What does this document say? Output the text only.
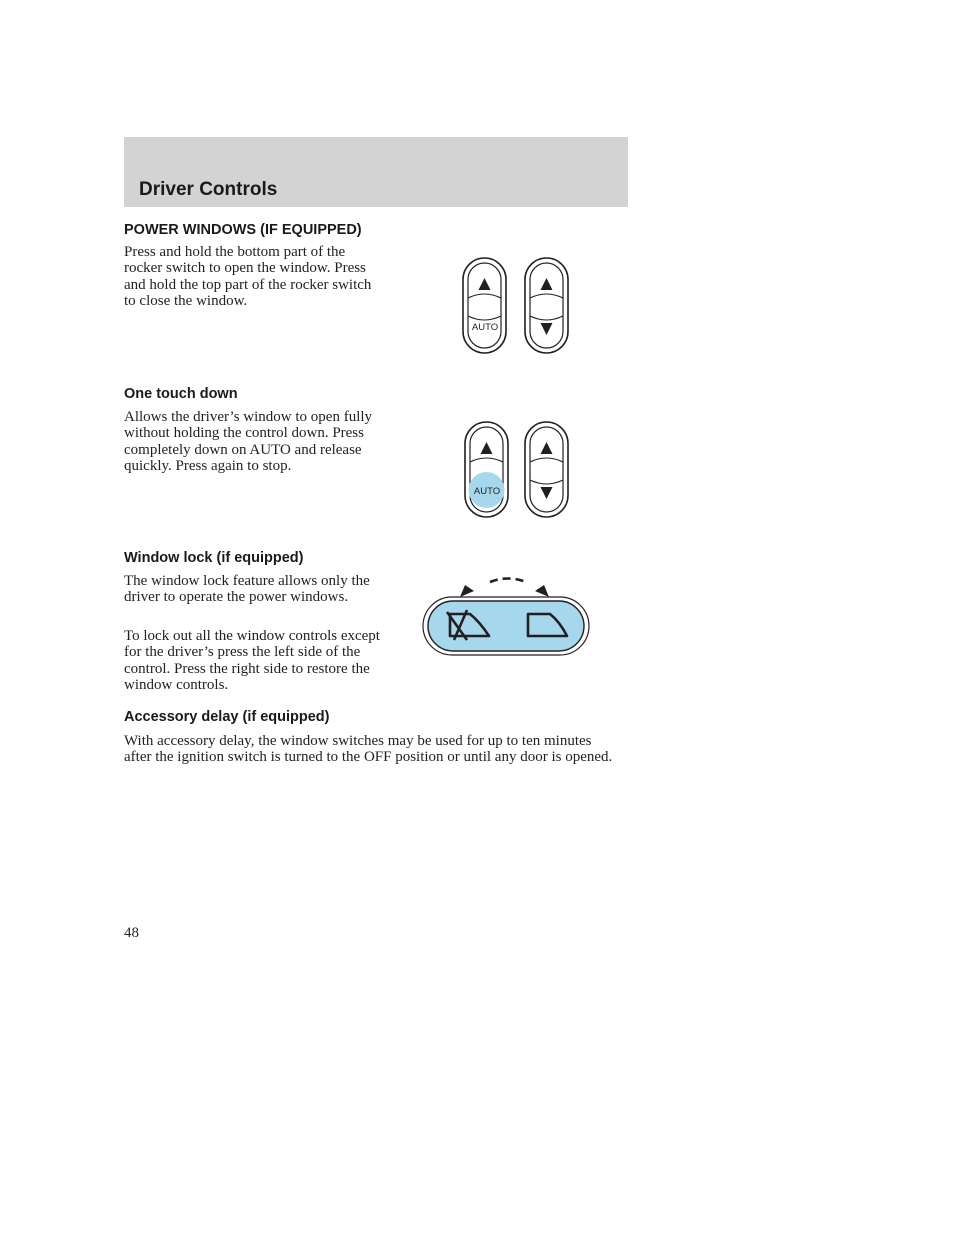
Driver Controls
POWER WINDOWS (IF EQUIPPED)

Press and hold the bottom part of the rocker switch to open the window. Press and hold the top part of the rocker switch to close the window.

AUTO
One touch down

Allows the driver’s window to open fully without holding the control down. Press completely down on AUTO and release quickly. Press again to stop.

AUTO
Window lock (if equipped)

The window lock feature allows only the driver to operate the power windows.

To lock out all the window controls except for the driver’s press the left side of the control. Press the right side to restore the window controls.

Accessory delay (if equipped)

With accessory delay, the window switches may be used for up to ten minutes after the ignition switch is turned to the OFF position or until any door is opened.

48
